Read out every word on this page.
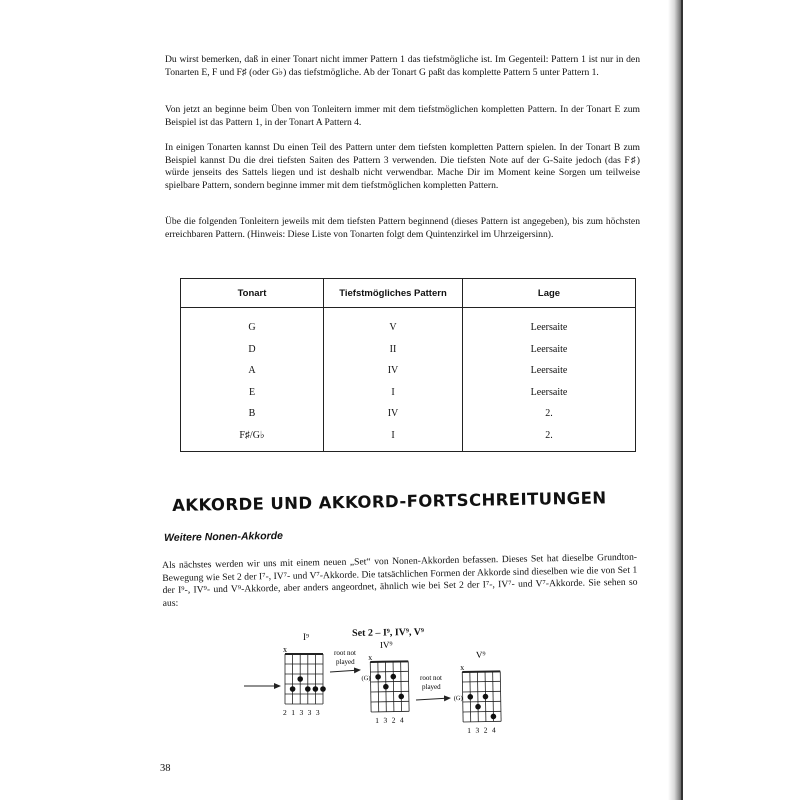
Du wirst bemerken, daß in einer Tonart nicht immer Pattern 1 das tiefstmögliche ist. Im Gegenteil: Pattern 1 ist nur in den Tonarten E, F und F♯ (oder G♭) das tiefstmögliche. Ab der Tonart G paßt das komplette Pattern 5 unter Pattern 1.

Von jetzt an beginne beim Üben von Tonleitern immer mit dem tiefstmöglichen kompletten Pattern. In der Tonart E zum Beispiel ist das Pattern 1, in der Tonart A Pattern 4.

In einigen Tonarten kannst Du einen Teil des Pattern unter dem tiefsten kompletten Pattern spielen. In der Tonart B zum Beispiel kannst Du die drei tiefsten Saiten des Pattern 3 verwenden. Die tiefsten Note auf der G-Saite jedoch (das F♯) würde jenseits des Sattels liegen und ist deshalb nicht verwendbar. Mache Dir im Moment keine Sorgen um teilweise spielbare Pattern, sondern beginne immer mit dem tiefstmöglichen kompletten Pattern.

Übe die folgenden Tonleitern jeweils mit dem tiefsten Pattern beginnend (dieses Pattern ist angegeben), bis zum höchsten erreichbaren Pattern. (Hinweis: Diese Liste von Tonarten folgt dem Quintenzirkel im Uhrzeigersinn).

Tonart	Tiefstmögliches Pattern	Lage
G	V	Leersaite
D	II	Leersaite
A	IV	Leersaite
E	I	Leersaite
B	IV	2.
F♯/G♭	I	2.
AKKORDE UND AKKORD-FORTSCHREITUNGEN
Weitere Nonen-Akkorde

Als nächstes werden wir uns mit einem neuen „Set“ von Nonen-Akkorden befassen. Dieses Set hat dieselbe Grundton-Bewegung wie Set 2 der I⁷-, IV⁷- und V⁷-Akkorde. Die tatsächlichen Formen der Akkorde sind dieselben wie die von Set 1 der I⁹-, IV⁹- und V⁹-Akkorde, aber anders angeordnet, ähnlich wie bei Set 2 der I⁷-, IV⁷- und V⁷-Akkorde. Sie sehen so aus:

Set 2 – I⁹, IV⁹, V⁹

I⁹
x
2 1 3 3 3
root not
played
IV⁹
x
(G)
1 3 2 4
root not
played
V⁹
x
(G)
1 3 2 4

38
